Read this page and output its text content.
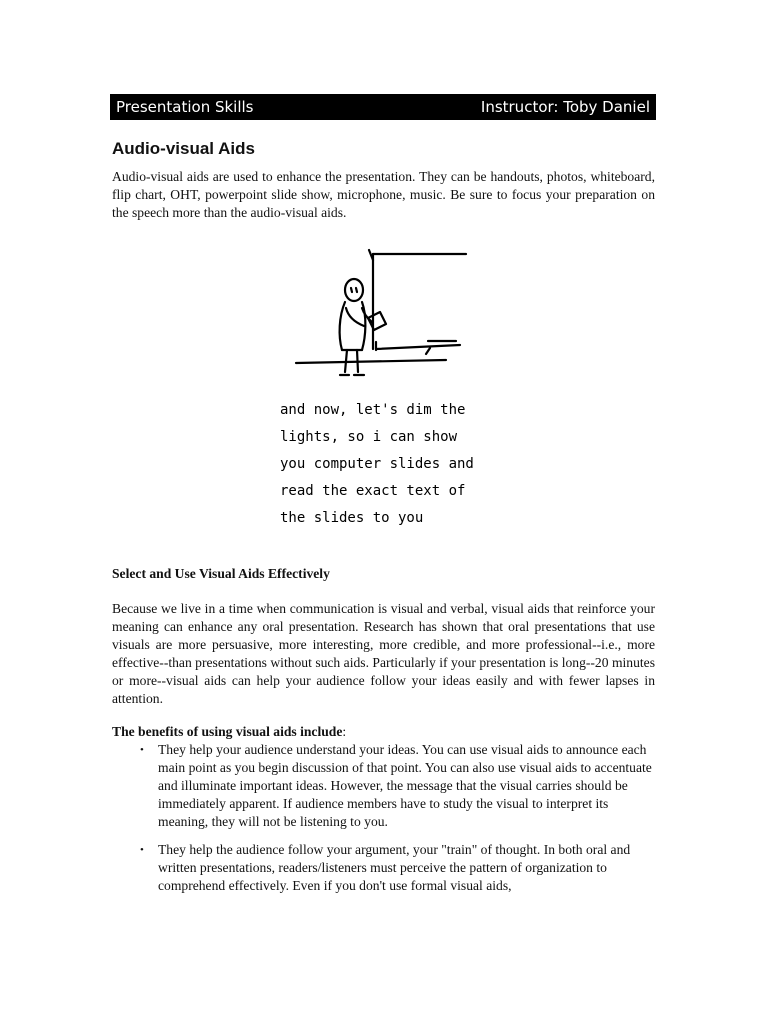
Presentation Skills	Instructor: Toby Daniel
Audio-visual Aids

Audio-visual aids are used to enhance the presentation. They can be handouts, photos, whiteboard, flip chart, OHT, powerpoint slide show, microphone, music. Be sure to focus your preparation on the speech more than the audio-visual aids.

and now, let's dim the
lights, so i can show
you computer slides and
read the exact text of
the slides to you

Select and Use Visual Aids Effectively

Because we live in a time when communication is visual and verbal, visual aids that reinforce your meaning can enhance any oral presentation. Research has shown that oral presentations that use visuals are more persuasive, more interesting, more credible, and more professional--i.e., more effective--than presentations without such aids. Particularly if your presentation is long--20 minutes or more--visual aids can help your audience follow your ideas easily and with fewer lapses in attention.

The benefits of using visual aids include:

• They help your audience understand your ideas. You can use visual aids to announce each main point as you begin discussion of that point. You can also use visual aids to accentuate and illuminate important ideas. However, the message that the visual carries should be immediately apparent. If audience members have to study the visual to interpret its meaning, they will not be listening to you.
• They help the audience follow your argument, your "train" of thought. In both oral and written presentations, readers/listeners must perceive the pattern of organization to comprehend effectively. Even if you don't use formal visual aids,
